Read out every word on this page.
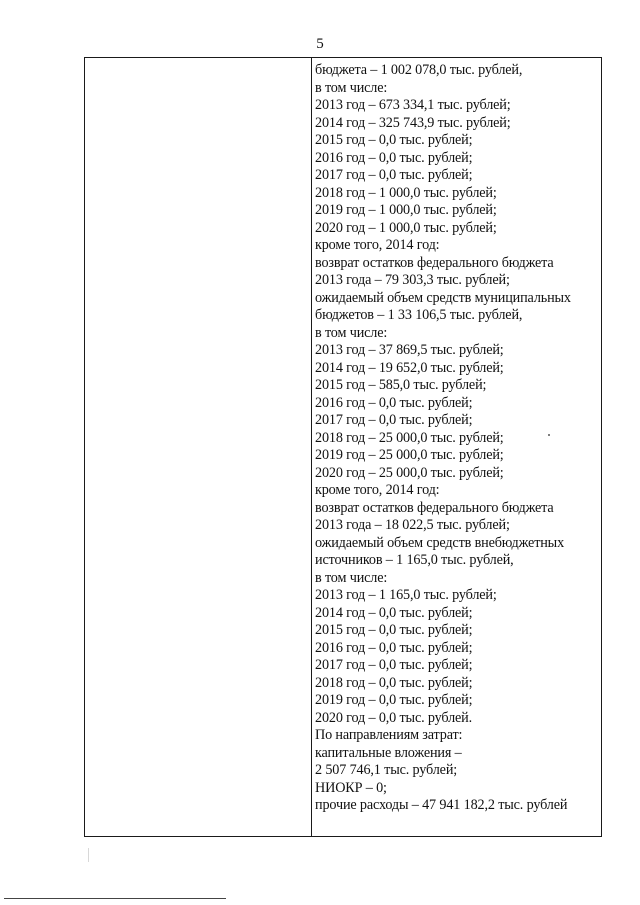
5
бюджета – 1 002 078,0 тыс. рублей,
в том числе:
2013 год – 673 334,1 тыс. рублей;
2014 год – 325 743,9 тыс. рублей;
2015 год – 0,0 тыс. рублей;
2016 год – 0,0 тыс. рублей;
2017 год – 0,0 тыс. рублей;
2018 год – 1 000,0 тыс. рублей;
2019 год – 1 000,0 тыс. рублей;
2020 год – 1 000,0 тыс. рублей;
кроме того, 2014 год:
возврат остатков федерального бюджета
2013 года – 79 303,3 тыс. рублей;
ожидаемый объем средств муниципальных
бюджетов – 1 33 106,5 тыс. рублей,
в том числе:
2013 год – 37 869,5 тыс. рублей;
2014 год – 19 652,0 тыс. рублей;
2015 год – 585,0 тыс. рублей;
2016 год – 0,0 тыс. рублей;
2017 год – 0,0 тыс. рублей;
2018 год – 25 000,0 тыс. рублей;
2019 год – 25 000,0 тыс. рублей;
2020 год – 25 000,0 тыс. рублей;
кроме того, 2014 год:
возврат остатков федерального бюджета
2013 года – 18 022,5 тыс. рублей;
ожидаемый объем средств внебюджетных
источников – 1 165,0 тыс. рублей,
в том числе:
2013 год – 1 165,0 тыс. рублей;
2014 год – 0,0 тыс. рублей;
2015 год – 0,0 тыс. рублей;
2016 год – 0,0 тыс. рублей;
2017 год – 0,0 тыс. рублей;
2018 год – 0,0 тыс. рублей;
2019 год – 0,0 тыс. рублей;
2020 год – 0,0 тыс. рублей.
По направлениям затрат:
капитальные вложения –
2 507 746,1 тыс. рублей;
НИОКР – 0;
прочие расходы – 47 941 182,2 тыс. рублей
